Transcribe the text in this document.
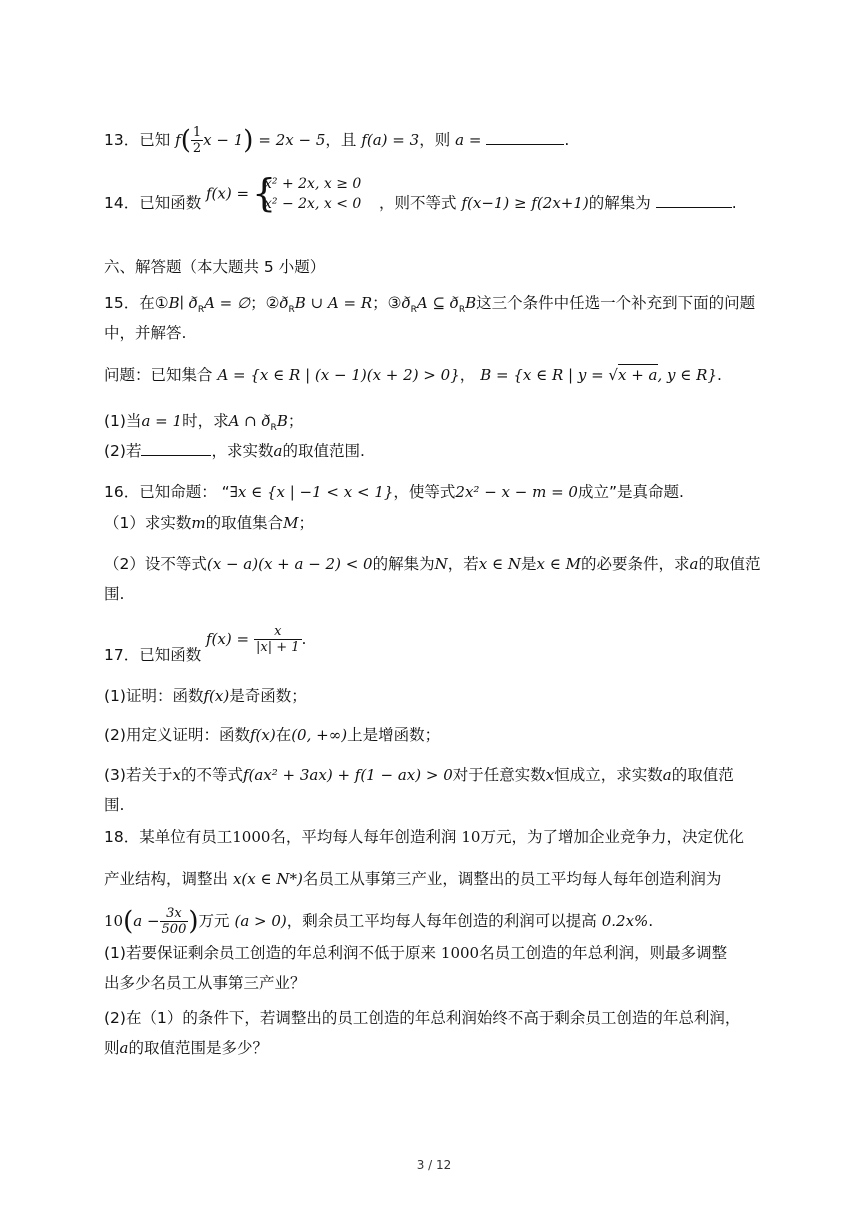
13．已知 $f( \frac{1}{2}$ x − 1) = 2x − 5，且 f(a) = 3，则 a =	.
14．已知函数
f(x) = {
x² + 2x, x ≥ 0
x² − 2x, x < 0 ，则不等式 f(x−1) ≥ f(2x+1)的解集为	.
六、解答题（本大题共 5 小题）
15．在①B∣ $ð_RA$ = ∅；$②ð_RB$ ∪ A = R；$③ð_RA$ ⊆ $ð_RB$这三个条件中任选一个补充到下面的问题
中，并解答.
问题：已知集合 A = {x ∈ R | (x − 1)(x + 2) > 0}， B = {x ∈ R | y = √x + a, y ∈ R}.
(1)当a = 1时，求A ∩ $ð_RB$；
(2)若	，求实数a的取值范围.
16．已知命题： “∃x ∈ {x | −1 < x < 1}，使等式2x² − x − m = 0成立”是真命题.
（1）求实数m的取值集合M；
（2）设不等式(x − a)(x + a − 2) < 0的解集为N，若x ∈ N是x ∈ M的必要条件，求a的取值范
围.
17．已知函数
$f(x) = \frac{x}{|x| + 1}$ .
(1)证明：函数f(x)是奇函数；
(2)用定义证明：函数f(x)在(0, +∞)上是增函数；
(3)若关于x的不等式f(ax² + 3ax) + f(1 − ax) > 0对于任意实数x恒成立，求实数a的取值范
围.
18．某单位有员工1000名，平均每人每年创造利润 10万元，为了增加企业竞争力，决定优化
产业结构，调整出 x(x ∈ N*)名员工从事第三产业，调整出的员工平均每人每年创造利润为
$10(a - \frac{3x}{500}$ )万元 (a > 0)，剩余员工平均每人每年创造的利润可以提高 0.2x%.
(1)若要保证剩余员工创造的年总利润不低于原来 1000名员工创造的年总利润，则最多调整
出多少名员工从事第三产业？
(2)在（1）的条件下，若调整出的员工创造的年总利润始终不高于剩余员工创造的年总利润，
则a的取值范围是多少？
3 / 12
